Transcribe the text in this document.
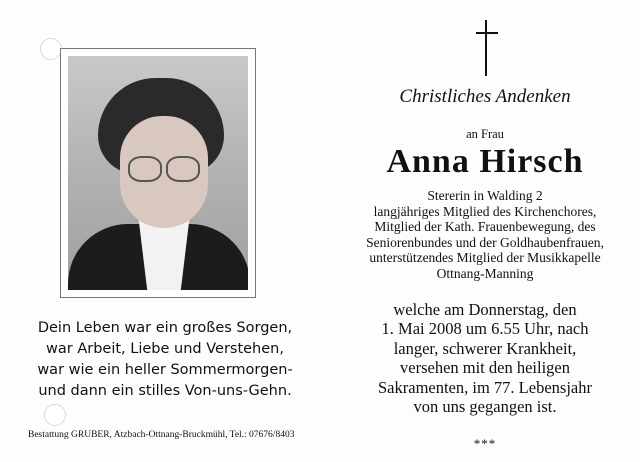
Dein Leben war ein großes Sorgen,
war Arbeit, Liebe und Verstehen,
war wie ein heller Sommermorgen-
und dann ein stilles Von-uns-Gehn.
Bestattung GRUBER, Atzbach-Ottnang-Bruckmühl, Tel.: 07676/8403
Christliches Andenken
an Frau
Anna Hirsch
Stererin in Walding 2
langjähriges Mitglied des Kirchenchores,
Mitglied der Kath. Frauenbewegung, des
Seniorenbundes und der Goldhaubenfrauen,
unterstützendes Mitglied der Musikkapelle
Ottnang-Manning
welche am Donnerstag, den
1. Mai 2008 um 6.55 Uhr, nach
langer, schwerer Krankheit,
versehen mit den heiligen
Sakramenten, im 77. Lebensjahr
von uns gegangen ist.
***
